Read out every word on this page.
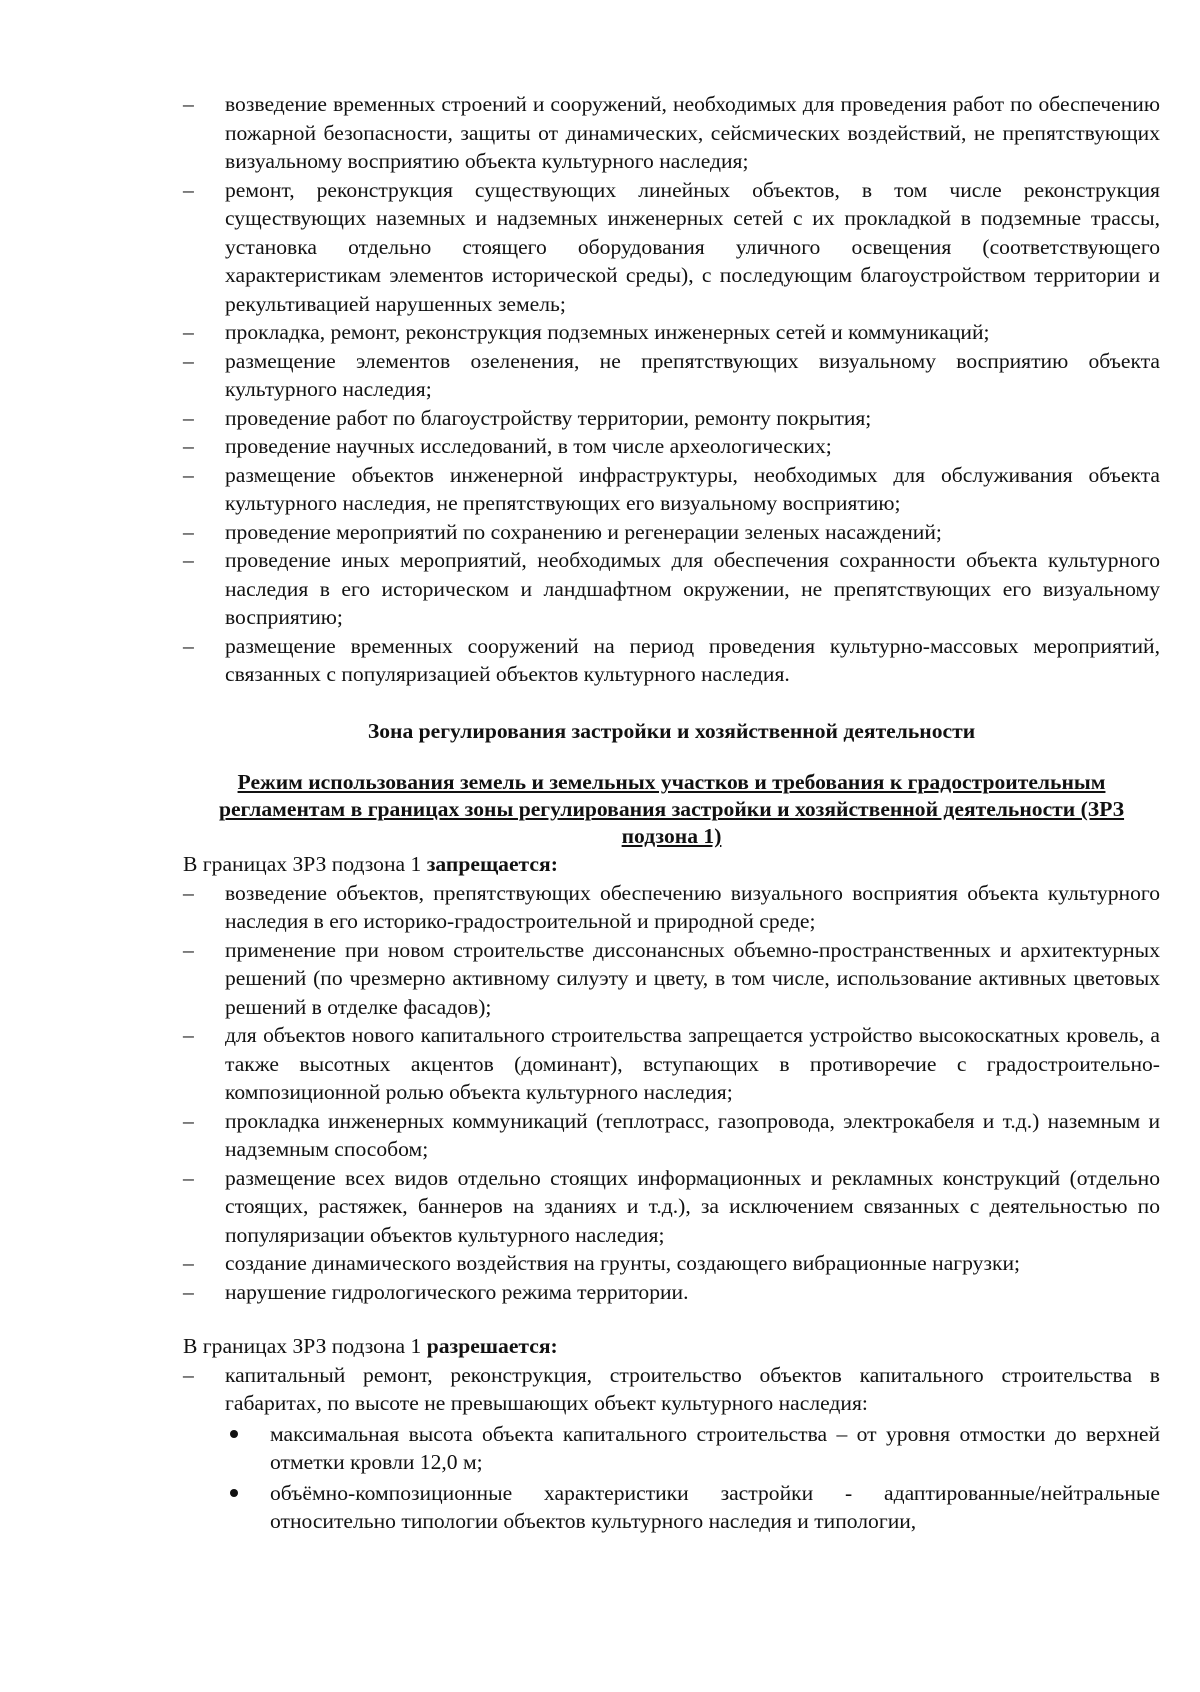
– возведение временных строений и сооружений, необходимых для проведения работ по обеспечению пожарной безопасности, защиты от динамических, сейсмических воздействий, не препятствующих визуальному восприятию объекта культурного наследия;
– ремонт, реконструкция существующих линейных объектов, в том числе реконструкция существующих наземных и надземных инженерных сетей с их прокладкой в подземные трассы, установка отдельно стоящего оборудования уличного освещения (соответствующего характеристикам элементов исторической среды), с последующим благоустройством территории и рекультивацией нарушенных земель;
– прокладка, ремонт, реконструкция подземных инженерных сетей и коммуникаций;
– размещение элементов озеленения, не препятствующих визуальному восприятию объекта культурного наследия;
– проведение работ по благоустройству территории, ремонту покрытия;
– проведение научных исследований, в том числе археологических;
– размещение объектов инженерной инфраструктуры, необходимых для обслуживания объекта культурного наследия, не препятствующих его визуальному восприятию;
– проведение мероприятий по сохранению и регенерации зеленых насаждений;
– проведение иных мероприятий, необходимых для обеспечения сохранности объекта культурного наследия в его историческом и ландшафтном окружении, не препятствующих его визуальному восприятию;
– размещение временных сооружений на период проведения культурно-массовых мероприятий, связанных с популяризацией объектов культурного наследия.

Зона регулирования застройки и хозяйственной деятельности

Режим использования земель и земельных участков и требования к градостроительным регламентам в границах зоны регулирования застройки и хозяйственной деятельности (ЗРЗ подзона 1)

В границах ЗРЗ подзона 1 запрещается:

– возведение объектов, препятствующих обеспечению визуального восприятия объекта культурного наследия в его историко-градостроительной и природной среде;
– применение при новом строительстве диссонансных объемно-пространственных и архитектурных решений (по чрезмерно активному силуэту и цвету, в том числе, использование активных цветовых решений в отделке фасадов);
– для объектов нового капитального строительства запрещается устройство высокоскатных кровель, а также высотных акцентов (доминант), вступающих в противоречие с градостроительно-композиционной ролью объекта культурного наследия;
– прокладка инженерных коммуникаций (теплотрасс, газопровода, электрокабеля и т.д.) наземным и надземным способом;
– размещение всех видов отдельно стоящих информационных и рекламных конструкций (отдельно стоящих, растяжек, баннеров на зданиях и т.д.), за исключением связанных с деятельностью по популяризации объектов культурного наследия;
– создание динамического воздействия на грунты, создающего вибрационные нагрузки;
– нарушение гидрологического режима территории.

В границах ЗРЗ подзона 1 разрешается:

– капитальный ремонт, реконструкция, строительство объектов капитального строительства в габаритах, по высоте не превышающих объект культурного наследия:
максимальная высота объекта капитального строительства – от уровня отмостки до верхней отметки кровли 12,0 м;
объёмно-композиционные характеристики застройки - адаптированные/нейтральные относительно типологии объектов культурного наследия и типологии,
